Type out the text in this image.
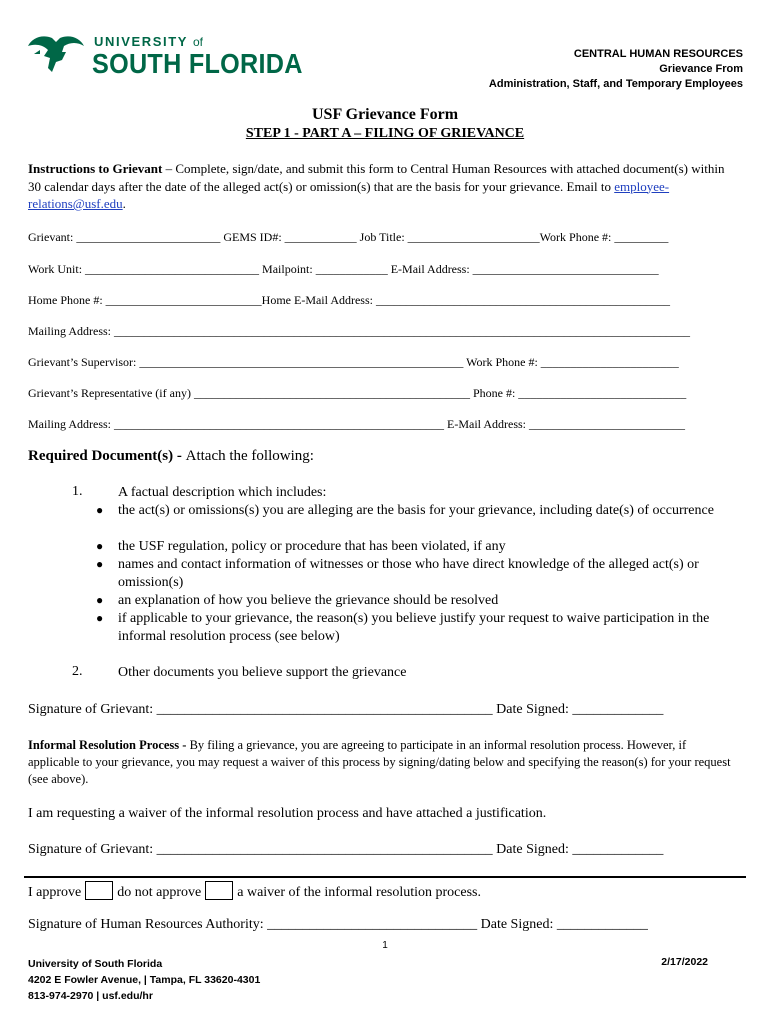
UNIVERSITY of
SOUTH FLORIDA	CENTRAL HUMAN RESOURCES
Grievance From
Administration, Staff, and Temporary Employees
USF Grievance Form
STEP 1 - PART A – FILING OF GRIEVANCE
Instructions to Grievant – Complete, sign/date, and submit this form to Central Human Resources with attached document(s) within 30 calendar days after the date of the alleged act(s) or omission(s) that are the basis for your grievance. Email to employee-relations@usf.edu.
Grievant: ________________________ GEMS ID#: ____________ Job Title: ______________________Work Phone #: _________
Work Unit: _____________________________ Mailpoint: ____________ E-Mail Address: _______________________________
Home Phone #: __________________________Home E-Mail Address: _________________________________________________
Mailing Address: ________________________________________________________________________________________________
Grievant’s Supervisor: ______________________________________________________ Work Phone #: _______________________
Grievant’s Representative (if any) ______________________________________________ Phone #: ____________________________
Mailing Address: _______________________________________________________ E-Mail Address: __________________________
Required Document(s) - Attach the following:
1.	A factual description which includes:
● the act(s) or omissions(s) you are alleging are the basis for your grievance, including date(s) of occurrence
● the USF regulation, policy or procedure that has been violated, if any
● names and contact information of witnesses or those who have direct knowledge of the alleged act(s) or omission(s)
● an explanation of how you believe the grievance should be resolved
● if applicable to your grievance, the reason(s) you believe justify your request to waive participation in the informal resolution process (see below)
2.	Other documents you believe support the grievance
Signature of Grievant: ________________________________________________ Date Signed: _____________
Informal Resolution Process - By filing a grievance, you are agreeing to participate in an informal resolution process. However, if applicable to your grievance, you may request a waiver of this process by signing/dating below and specifying the reason(s) for your request (see above).
I am requesting a waiver of the informal resolution process and have attached a justification.
Signature of Grievant: ________________________________________________ Date Signed: _____________
I approve	do not approve	a waiver of the informal resolution process.
Signature of Human Resources Authority: ______________________________ Date Signed: _____________
1
University of South Florida
4202 E Fowler Avenue, | Tampa, FL 33620-4301
813-974-2970 | usf.edu/hr
2/17/2022
